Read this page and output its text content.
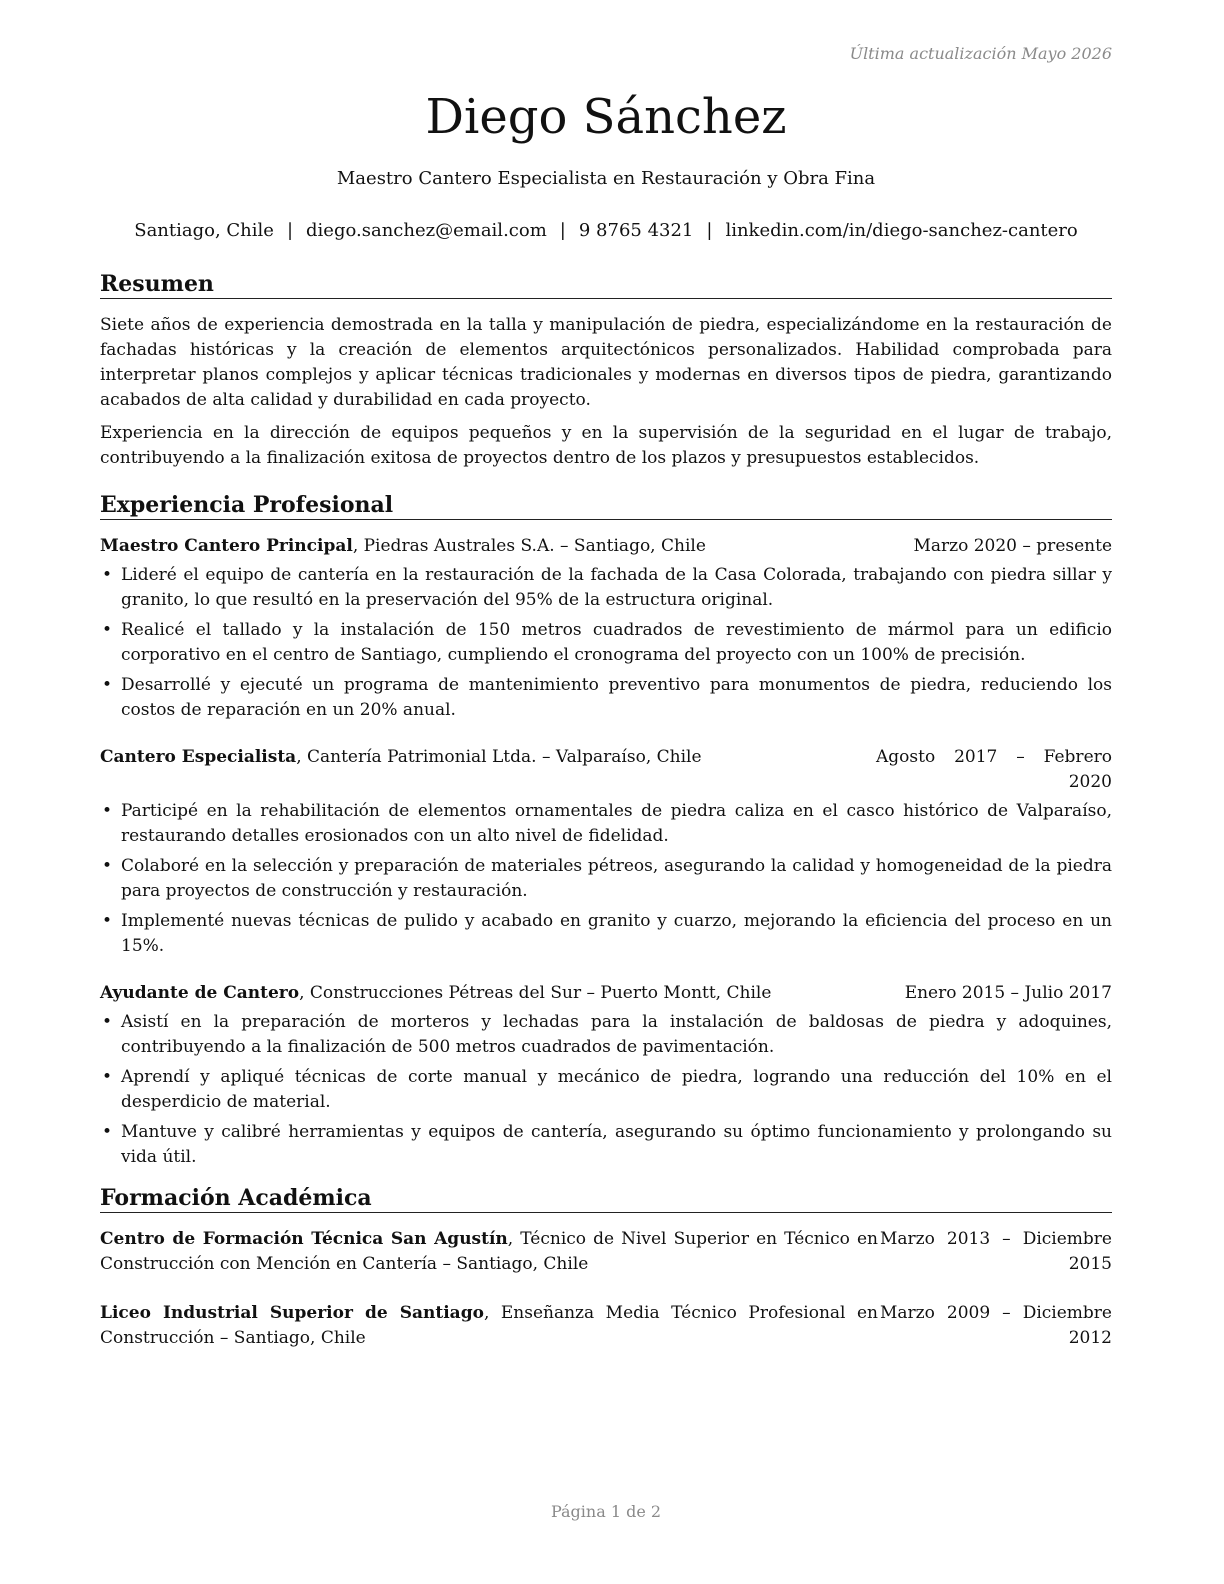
Última actualización Mayo 2026
Diego Sánchez
Maestro Cantero Especialista en Restauración y Obra Fina
Santiago, Chile | diego.sanchez@email.com | 9 8765 4321 | linkedin.com/in/diego-sanchez-cantero
Resumen

Siete años de experiencia demostrada en la talla y manipulación de piedra, especializándome en la restauración de fachadas históricas y la creación de elementos arquitectónicos personalizados. Habilidad comprobada para interpretar planos complejos y aplicar técnicas tradicionales y modernas en diversos tipos de piedra, garantizando acabados de alta calidad y durabilidad en cada proyecto.

Experiencia en la dirección de equipos pequeños y en la supervisión de la seguridad en el lugar de trabajo, contribuyendo a la finalización exitosa de proyectos dentro de los plazos y presupuestos establecidos.

Experiencia Profesional
Maestro Cantero Principal, Piedras Australes S.A. – Santiago, Chile	Marzo 2020 – presente
• Lideré el equipo de cantería en la restauración de la fachada de la Casa Colorada, trabajando con piedra sillar y granito, lo que resultó en la preservación del 95% de la estructura original.
• Realicé el tallado y la instalación de 150 metros cuadrados de revestimiento de mármol para un edificio corporativo en el centro de Santiago, cumpliendo el cronograma del proyecto con un 100% de precisión.
• Desarrollé y ejecuté un programa de mantenimiento preventivo para monumentos de piedra, reduciendo los costos de reparación en un 20% anual.
Cantero Especialista, Cantería Patrimonial Ltda. – Valparaíso, Chile	Agosto 2017 – Febrero 2020
• Participé en la rehabilitación de elementos ornamentales de piedra caliza en el casco histórico de Valparaíso, restaurando detalles erosionados con un alto nivel de fidelidad.
• Colaboré en la selección y preparación de materiales pétreos, asegurando la calidad y homogeneidad de la piedra para proyectos de construcción y restauración.
• Implementé nuevas técnicas de pulido y acabado en granito y cuarzo, mejorando la eficiencia del proceso en un 15%.
Ayudante de Cantero, Construcciones Pétreas del Sur – Puerto Montt, Chile	Enero 2015 – Julio 2017
• Asistí en la preparación de morteros y lechadas para la instalación de baldosas de piedra y adoquines, contribuyendo a la finalización de 500 metros cuadrados de pavimentación.
• Aprendí y apliqué técnicas de corte manual y mecánico de piedra, logrando una reducción del 10% en el desperdicio de material.
• Mantuve y calibré herramientas y equipos de cantería, asegurando su óptimo funcionamiento y prolongando su vida útil.
Formación Académica
Centro de Formación Técnica San Agustín, Técnico de Nivel Superior en Técnico en Construcción con Mención en Cantería – Santiago, Chile
Marzo 2013 – Diciembre 2015
Liceo Industrial Superior de Santiago, Enseñanza Media Técnico Profesional en Construcción – Santiago, Chile
Marzo 2009 – Diciembre 2012
Página 1 de 2
